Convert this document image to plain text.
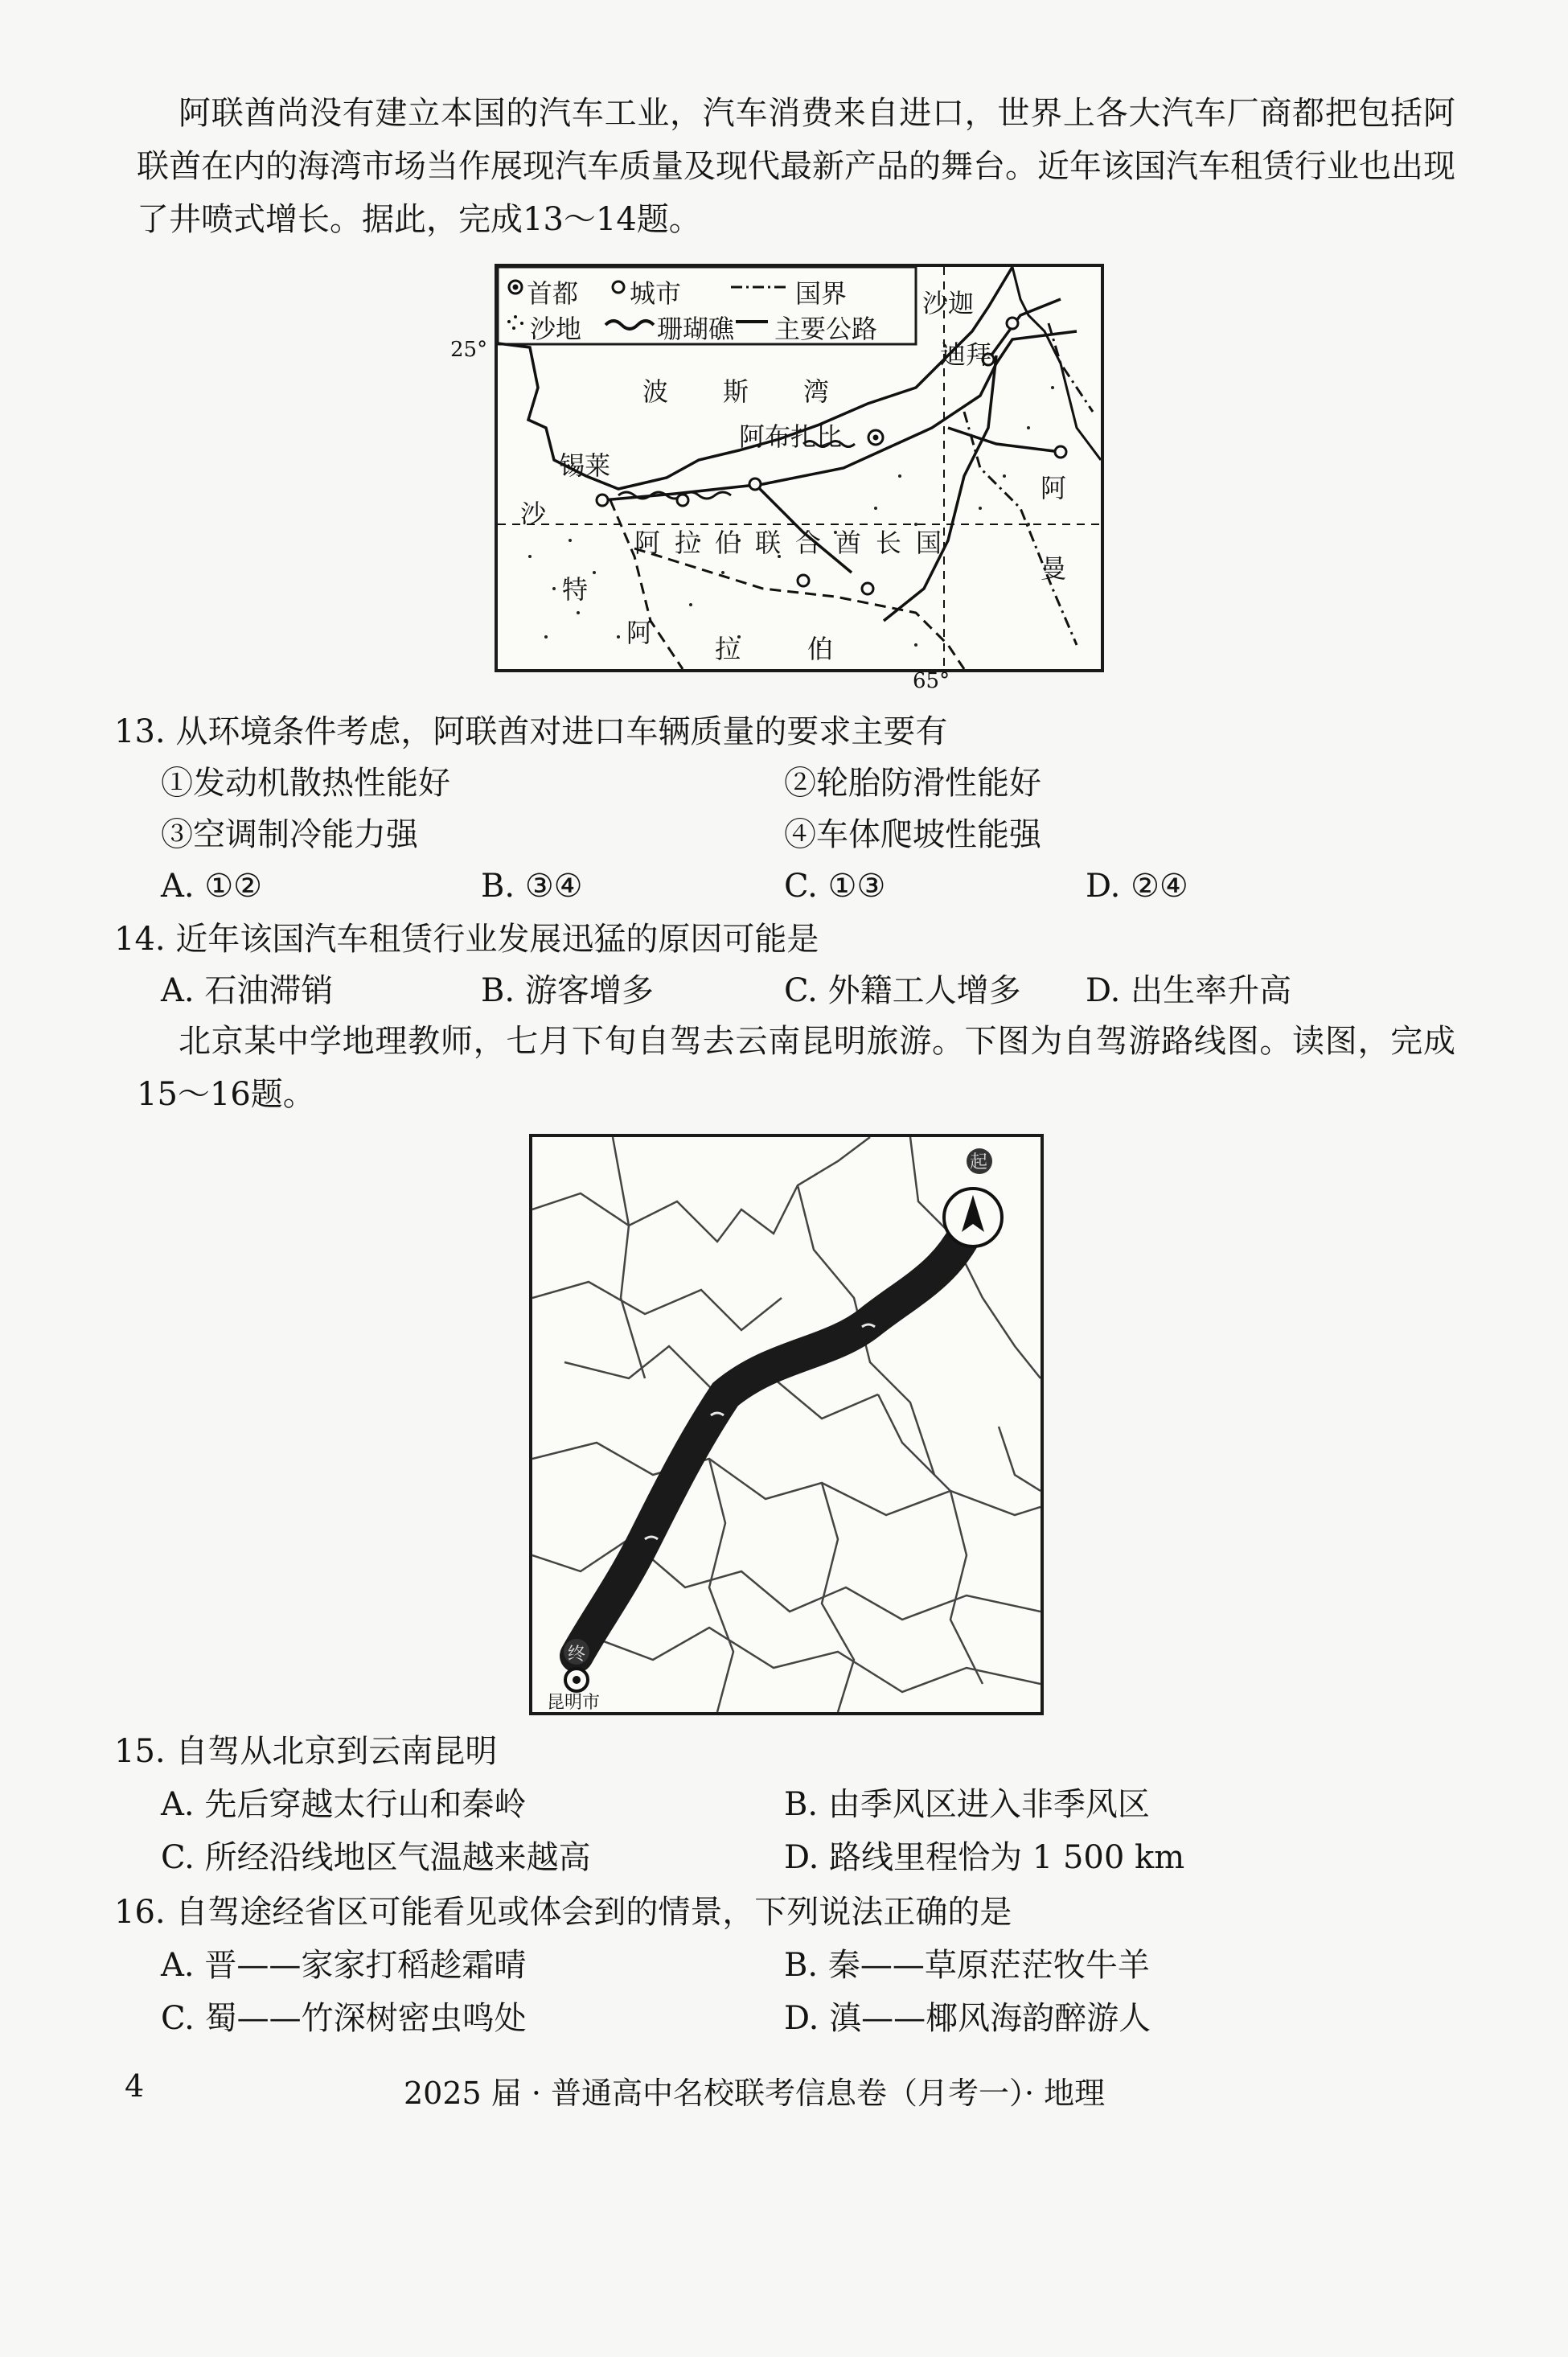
阿联酋尚没有建立本国的汽车工业，汽车消费来自进口，世界上各大汽车厂商都把包括阿联酋在内的海湾市场当作展现汽车质量及现代最新产品的舞台。近年该国汽车租赁行业也出现了井喷式增长。据此，完成13～14题。
首都 城市	国界
沙地	珊瑚礁 主要公路
沙迦
迪拜
阿布扎比
锡莱
波 斯 湾
阿 拉 伯 联 合 酋 长 国
沙
特
阿
拉	伯
阿
曼
25°
65°
13. 从环境条件考虑，阿联酋对进口车辆质量的要求主要有
①发动机散热性能好	②轮胎防滑性能好
③空调制冷能力强	④车体爬坡性能强
A. ①②	B. ③④	C. ①③	D. ②④
14. 近年该国汽车租赁行业发展迅猛的原因可能是
A. 石油滞销	B. 游客增多	C. 外籍工人增多 D. 出生率升高
北京某中学地理教师，七月下旬自驾去云南昆明旅游。下图为自驾游路线图。读图，完成15～16题。
起
终
昆明市
15. 自驾从北京到云南昆明
A. 先后穿越太行山和秦岭	B. 由季风区进入非季风区
C. 所经沿线地区气温越来越高	D. 路线里程恰为 1 500 km
16. 自驾途经省区可能看见或体会到的情景，下列说法正确的是
A. 晋——家家打稻趁霜晴	B. 秦——草原茫茫牧牛羊
C. 蜀——竹深树密虫鸣处	D. 滇——椰风海韵醉游人
4	2025 届 · 普通高中名校联考信息卷（月考一）· 地理
